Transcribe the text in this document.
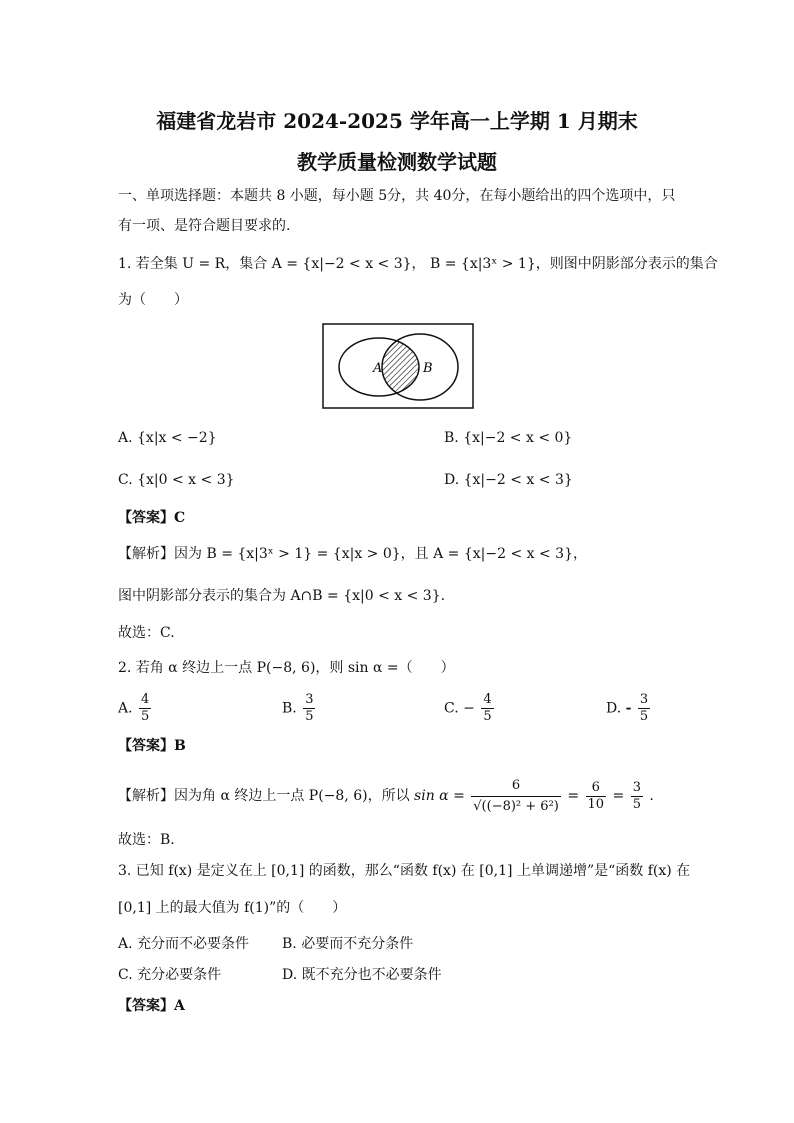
福建省龙岩市 2024-2025 学年高一上学期 1 月期末
教学质量检测数学试题
一、单项选择题：本题共 8 小题，每小题 5分，共 40分，在每小题给出的四个选项中，只
有一项、是符合题目要求的.
1. 若全集 U = R，集合 A = {x|−2 < x < 3}， B = {x|3ˣ > 1}，则图中阴影部分表示的集合
为（　　）
A	B
A. {x|x < −2}	B. {x|−2 < x < 0}
C. {x|0 < x < 3}	D. {x|−2 < x < 3}
【答案】C
【解析】因为 B = {x|3ˣ > 1} = {x|x > 0}，且 A = {x|−2 < x < 3}，
图中阴影部分表示的集合为 A∩B = {x|0 < x < 3}.
故选：C.
2. 若角 α 终边上一点 P(−8, 6)，则 sin α =（　　）
A. $\frac{4}{5}$	B. $\frac{3}{5}$	C. − $\frac{4}{5}$	D. - $\frac{3}{5}$
【答案】B
【解析】因为角 α 终边上一点 P(−8, 6)，所以 $\sin \alpha = \frac{6}{\text{√((−8)² + 6²)}} = \frac{6}{10} = \frac{3}{5}$ .
故选：B.
3. 已知 f(x) 是定义在上 [0,1] 的函数，那么“函数 f(x) 在 [0,1] 上单调递增”是“函数 f(x) 在
[0,1] 上的最大值为 f(1)”的（　　）
A. 充分而不必要条件 B. 必要而不充分条件
C. 充分必要条件	D. 既不充分也不必要条件
【答案】A
